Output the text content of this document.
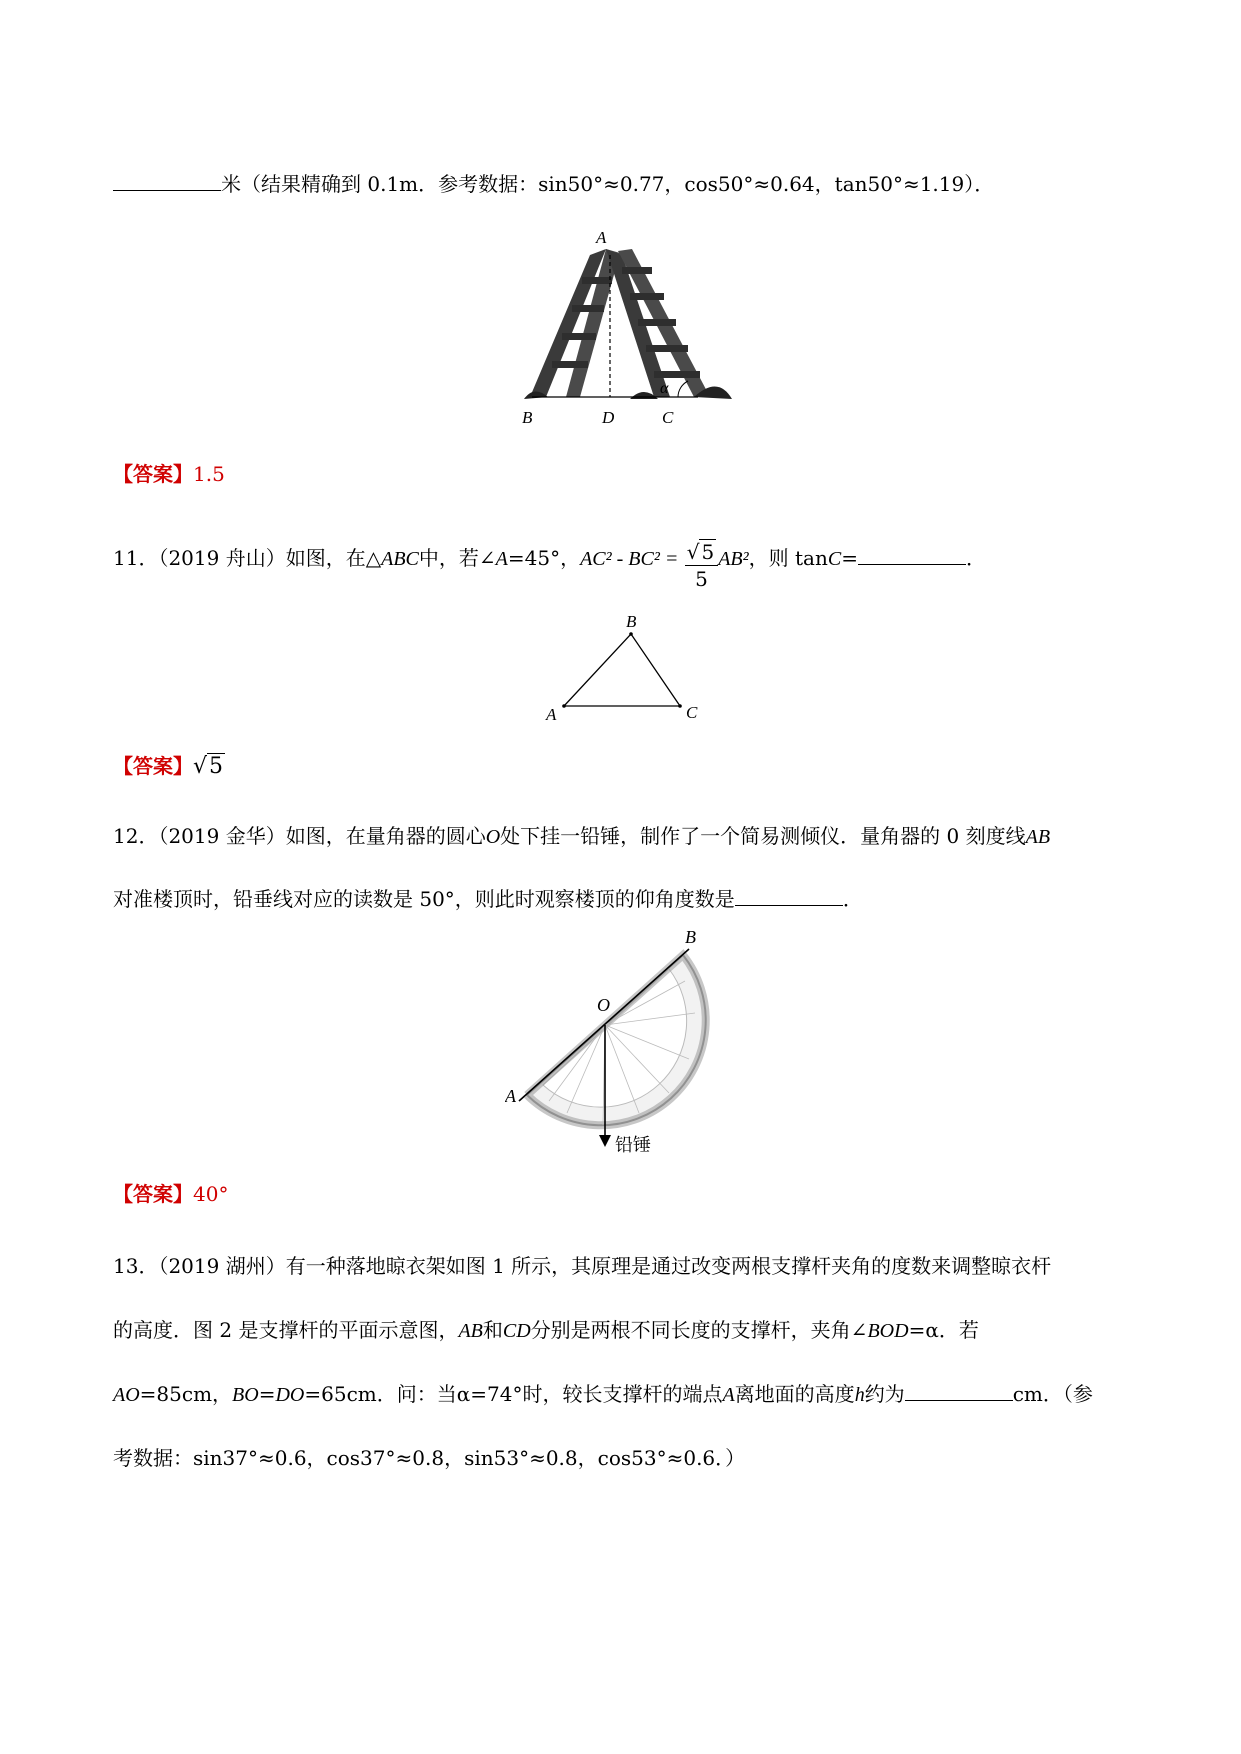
米（结果精确到 0.1m．参考数据：sin50°≈0.77，cos50°≈0.64，tan50°≈1.19）．
A
α
B	D	C
【答案】1.5
11．（2019 舟山）如图，在△ABC中，若∠A=45°，$AC^2 - BC^2 = \frac{√ 5}{5} AB^2$，则 tanC=	．
B
A	C
【答案】√5
12．（2019 金华）如图，在量角器的圆心O处下挂一铅锤，制作了一个简易测倾仪．量角器的 0 刻度线AB
对准楼顶时，铅垂线对应的读数是 50°，则此时观察楼顶的仰角度数是	．
O
A
B
铅锤
【答案】40°
13．（2019 湖州）有一种落地晾衣架如图 1 所示，其原理是通过改变两根支撑杆夹角的度数来调整晾衣杆
的高度．图 2 是支撑杆的平面示意图，AB和CD分别是两根不同长度的支撑杆，夹角∠BOD=α．若
AO=85cm，BO=DO=65cm．问：当α=74°时，较长支撑杆的端点A离地面的高度h约为	cm．（参
考数据：sin37°≈0.6，cos37°≈0.8，sin53°≈0.8，cos53°≈0.6．）
